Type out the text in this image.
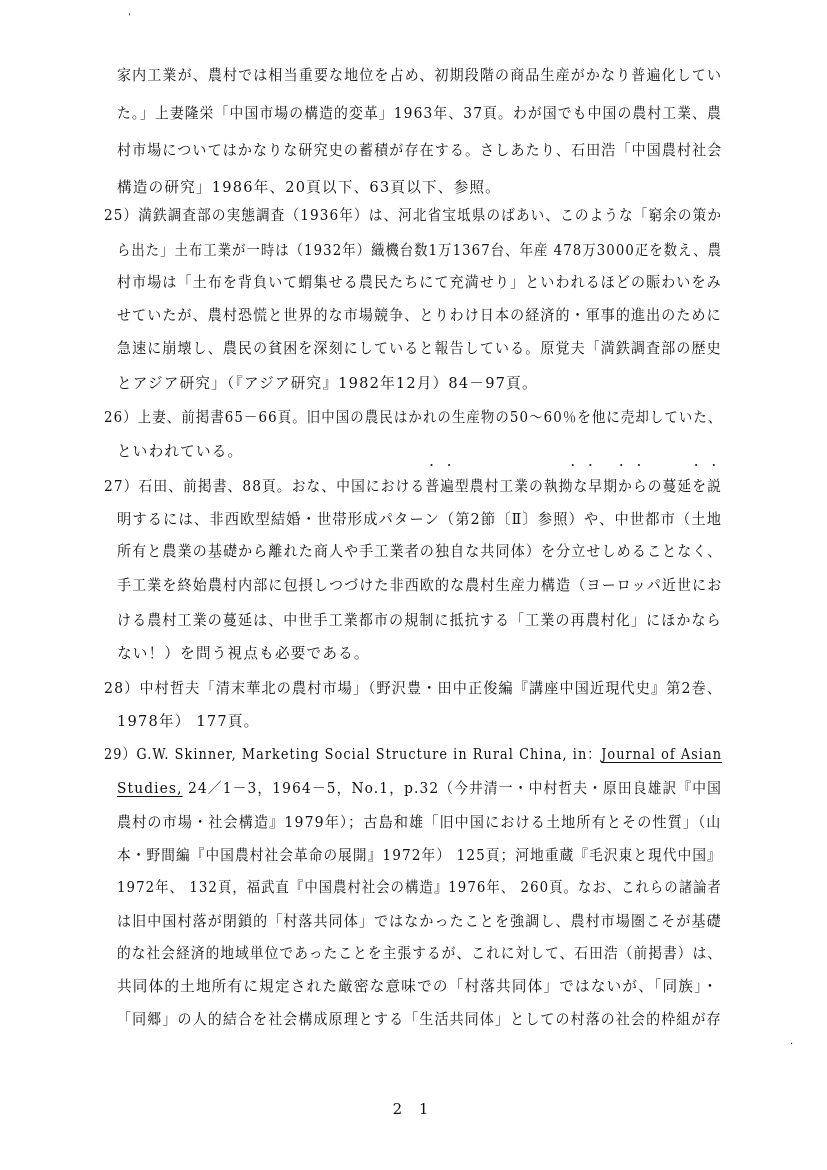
家内工業が、農村では相当重要な地位を占め、初期段階の商品生産がかなり普遍化してい
た。」上妻隆栄「中国市場の構造的変革」1963年、37頁。わが国でも中国の農村工業、農
村市場についてはかなりな研究史の蓄積が存在する。さしあたり、石田浩「中国農村社会
構造の研究」1986年、20頁以下、63頁以下、参照。
25）満鉄調査部の実態調査（1936年）は、河北省宝坻県のばあい、このような「窮余の策か
ら出た」土布工業が一時は（1932年）織機台数1万1367台、年産 478万3000疋を数え、農
村市場は「土布を背負いて蝟集せる農民たちにて充満せり」といわれるほどの賑わいをみ
せていたが、農村恐慌と世界的な市場競争、とりわけ日本の経済的・軍事的進出のために
急速に崩壊し、農民の貧困を深刻にしていると報告している。原覚夫「満鉄調査部の歴史
とアジア研究」（『アジア研究』1982年12月）84－97頁。
26）上妻、前掲書65－66頁。旧中国の農民はかれの生産物の50～60％を他に売却していた、
といわれている。
・ ・                 ・ ・   ・ ・       ・ ・
27）石田、前掲書、88頁。おな、中国における普遍型農村工業の執拗な早期からの蔓延を説
明するには、非西欧型結婚・世帯形成パターン（第2節〔Ⅱ〕参照）や、中世都市（土地
所有と農業の基礎から離れた商人や手工業者の独自な共同体）を分立せしめることなく、
手工業を終始農村内部に包摂しつづけた非西欧的な農村生産力構造（ヨーロッパ近世にお
ける農村工業の蔓延は、中世手工業都市の規制に抵抗する「工業の再農村化」にほかなら
ない！）を問う視点も必要である。
28）中村哲夫「清末華北の農村市場」（野沢豊・田中正俊編『講座中国近現代史』第2巻、
1978年） 177頁。
29）G.W. Skinner, Marketing Social Structure in Rural China, in：Journal of Asian
Studies, 24／1－3，1964－5，No.1，p.32（今井清一・中村哲夫・原田良雄訳『中国
農村の市場・社会構造』1979年）；古島和雄「旧中国における土地所有とその性質」（山
本・野間編『中国農村社会革命の展開』1972年） 125頁；河地重蔵『毛沢東と現代中国』
1972年、 132頁，福武直『中国農村社会の構造』1976年、 260頁。なお、これらの諸論者
は旧中国村落が閉鎖的「村落共同体」ではなかったことを強調し、農村市場圏こそが基礎
的な社会経済的地域単位であったことを主張するが、これに対して、石田浩（前掲書）は、
共同体的土地所有に規定された厳密な意味での「村落共同体」ではないが、「同族」・
「同郷」の人的結合を社会構成原理とする「生活共同体」としての村落の社会的枠組が存
2 1
ˈ
·
